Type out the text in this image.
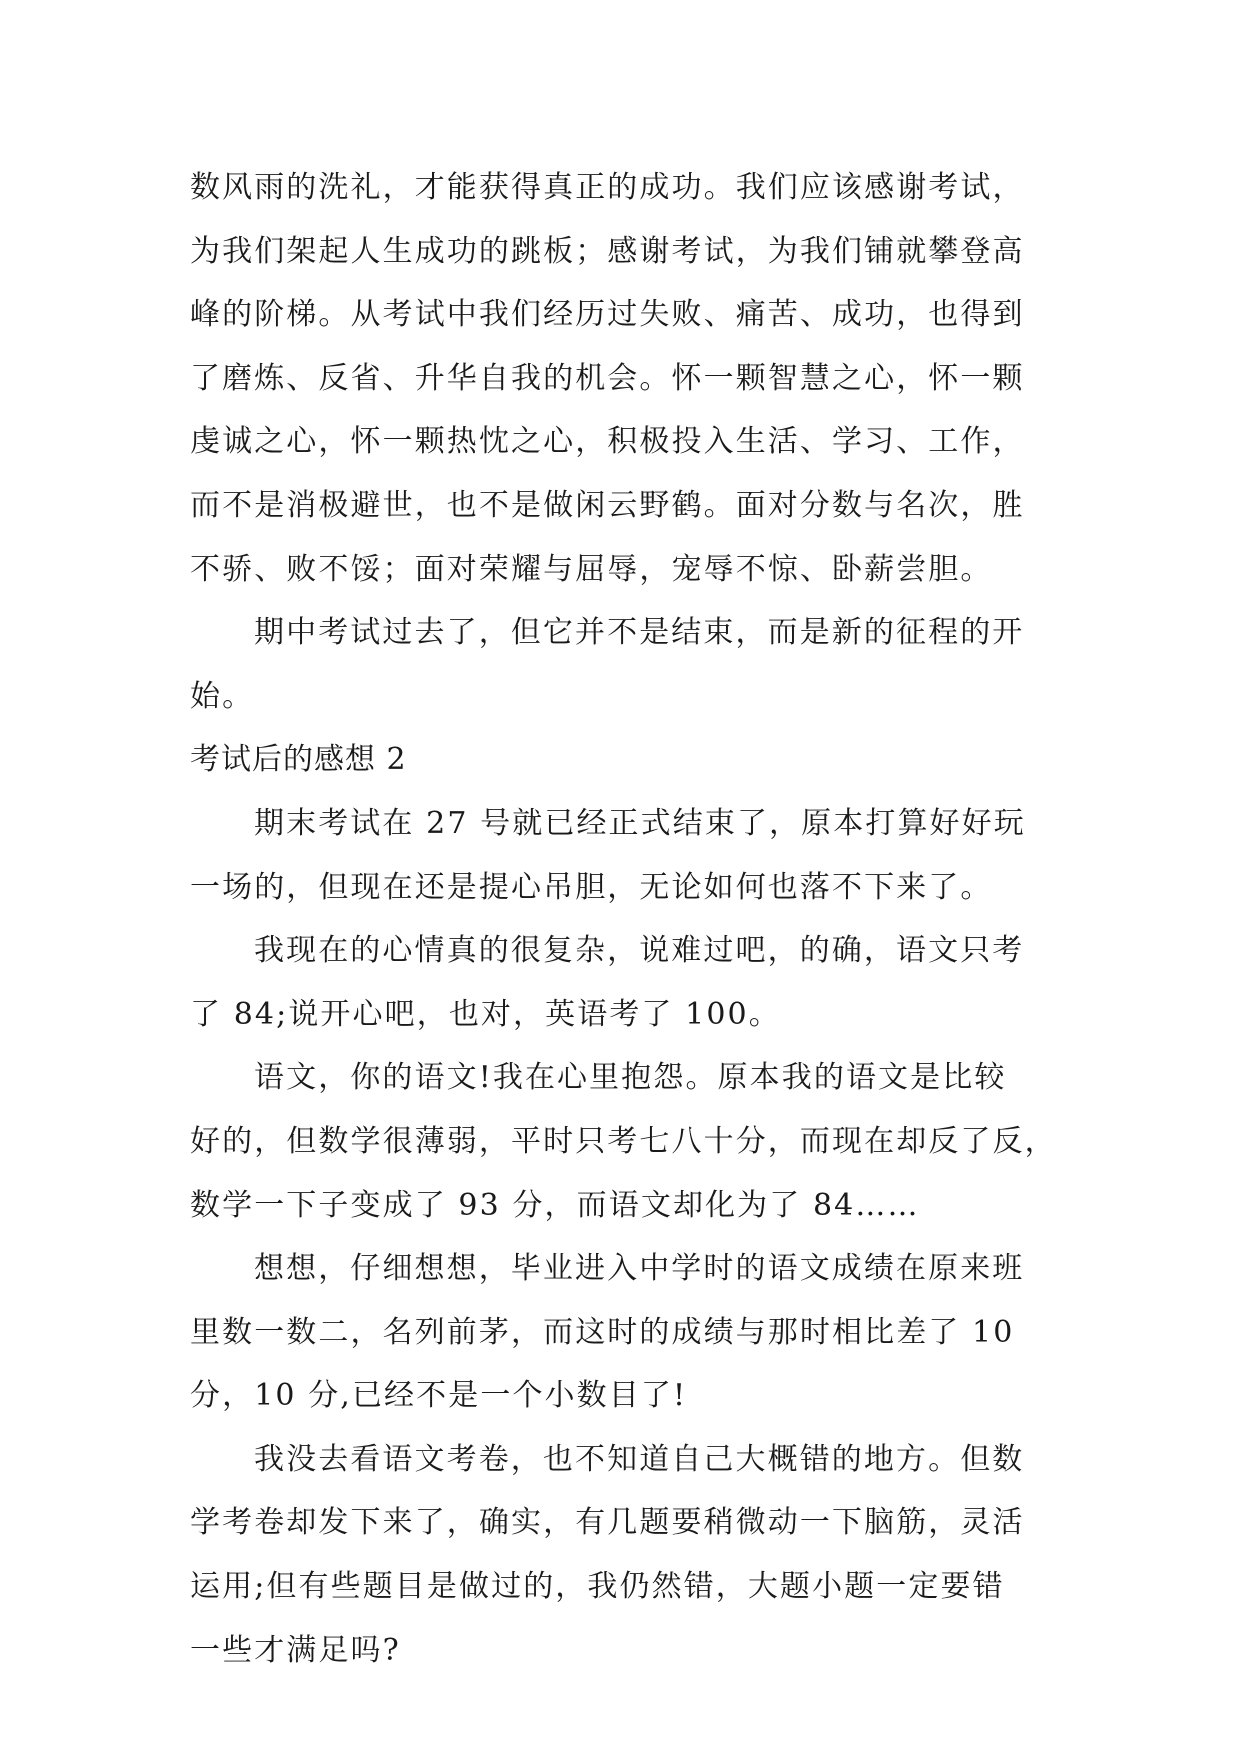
数风雨的洗礼，才能获得真正的成功。我们应该感谢考试，
为我们架起人生成功的跳板；感谢考试，为我们铺就攀登高
峰的阶梯。从考试中我们经历过失败、痛苦、成功，也得到
了磨炼、反省、升华自我的机会。怀一颗智慧之心，怀一颗
虔诚之心，怀一颗热忱之心，积极投入生活、学习、工作，
而不是消极避世，也不是做闲云野鹤。面对分数与名次，胜
不骄、败不馁；面对荣耀与屈辱，宠辱不惊、卧薪尝胆。
期中考试过去了，但它并不是结束，而是新的征程的开
始。
考试后的感想 2
期末考试在 27 号就已经正式结束了，原本打算好好玩
一场的，但现在还是提心吊胆，无论如何也落不下来了。
我现在的心情真的很复杂，说难过吧，的确，语文只考
了 84;说开心吧，也对，英语考了 100。
语文，你的语文!我在心里抱怨。原本我的语文是比较
好的，但数学很薄弱，平时只考七八十分，而现在却反了反，
数学一下子变成了 93 分，而语文却化为了 84……
想想，仔细想想，毕业进入中学时的语文成绩在原来班
里数一数二，名列前茅，而这时的成绩与那时相比差了 10
分，10 分,已经不是一个小数目了!
我没去看语文考卷，也不知道自己大概错的地方。但数
学考卷却发下来了，确实，有几题要稍微动一下脑筋，灵活
运用;但有些题目是做过的，我仍然错，大题小题一定要错
一些才满足吗?
